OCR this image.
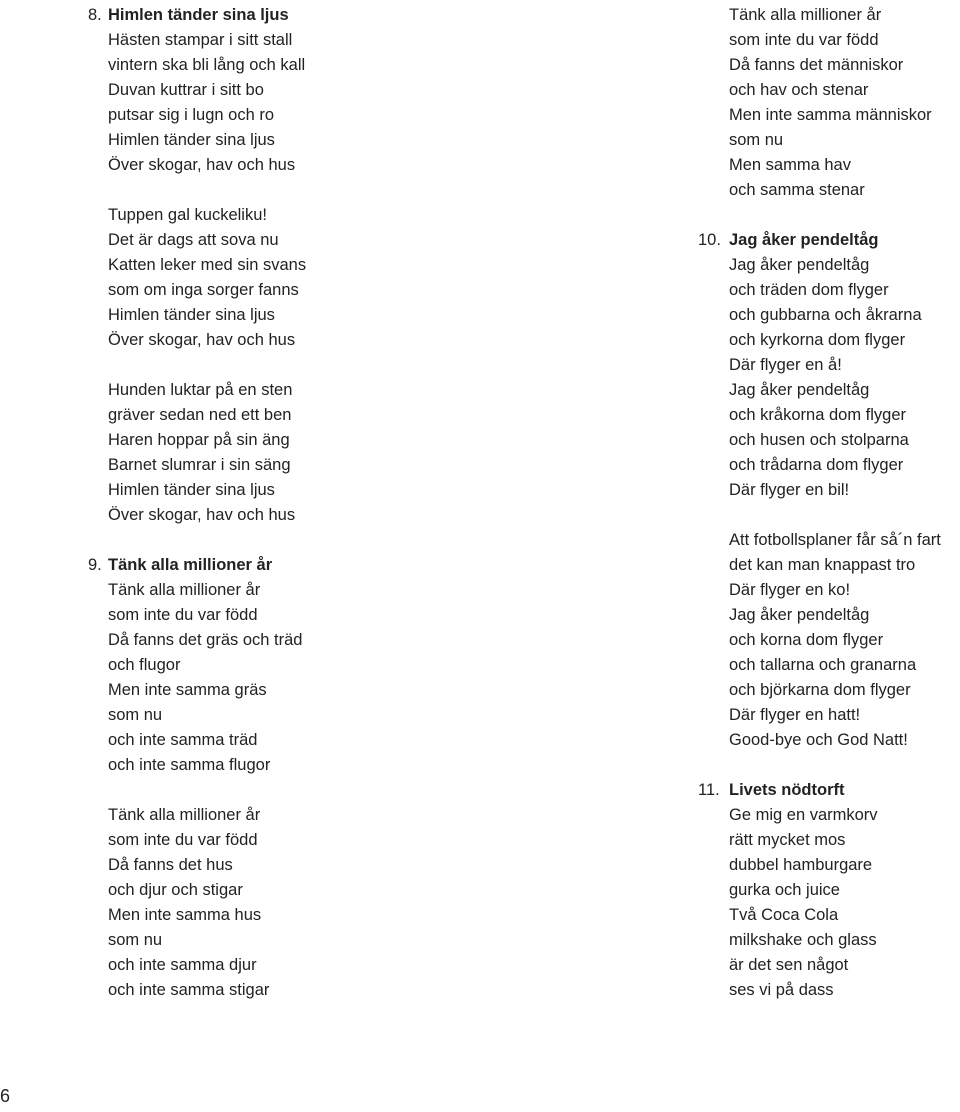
8. Himlen tänder sina ljus
Hästen stampar i sitt stall
vintern ska bli lång och kall
Duvan kuttrar i sitt bo
putsar sig i lugn och ro
Himlen tänder sina ljus
Över skogar, hav och hus
Tuppen gal kuckeliku!
Det är dags att sova nu
Katten leker med sin svans
som om inga sorger fanns
Himlen tänder sina ljus
Över skogar, hav och hus
Hunden luktar på en sten
gräver sedan ned ett ben
Haren hoppar på sin äng
Barnet slumrar i sin säng
Himlen tänder sina ljus
Över skogar, hav och hus
9. Tänk alla millioner år
Tänk alla millioner år
som inte du var född
Då fanns det gräs och träd
och flugor
Men inte samma gräs
som nu
och inte samma träd
och inte samma flugor
Tänk alla millioner år
som inte du var född
Då fanns det hus
och djur och stigar
Men inte samma hus
som nu
och inte samma djur
och inte samma stigar
Tänk alla millioner år
som inte du var född
Då fanns det människor
och hav och stenar
Men inte samma människor
som nu
Men samma hav
och samma stenar
10. Jag åker pendeltåg
Jag åker pendeltåg
och träden dom flyger
och gubbarna och åkrarna
och kyrkorna dom flyger
Där flyger en å!
Jag åker pendeltåg
och kråkorna dom flyger
och husen och stolparna
och trådarna dom flyger
Där flyger en bil!
Att fotbollsplaner får så´n fart
det kan man knappast tro
Där flyger en ko!
Jag åker pendeltåg
och korna dom flyger
och tallarna och granarna
och björkarna dom flyger
Där flyger en hatt!
Good-bye och God Natt!
11. Livets nödtorft
Ge mig en varmkorv
rätt mycket mos
dubbel hamburgare
gurka och juice
Två Coca Cola
milkshake och glass
är det sen något
ses vi på dass
6
